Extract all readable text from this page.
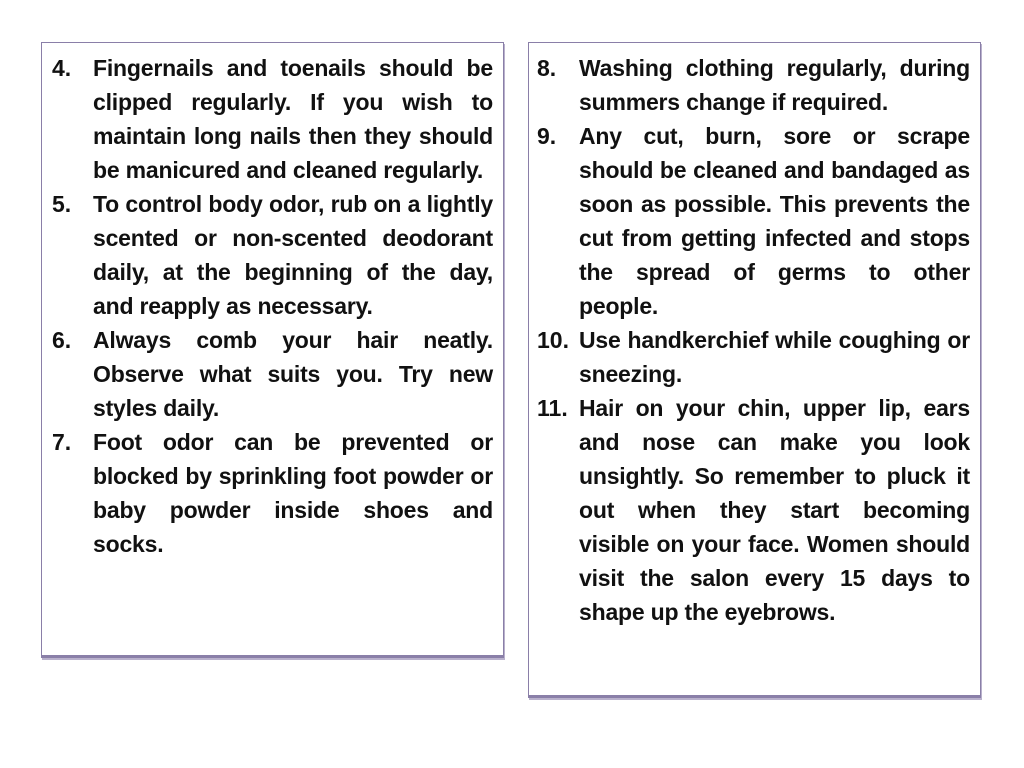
4. Fingernails and toenails should be clipped regularly. If you wish to maintain long nails then they should be manicured and cleaned regularly.
5. To control body odor, rub on a lightly scented or non-scented deodorant daily, at the beginning of the day, and reapply as necessary.
6. Always comb your hair neatly. Observe what suits you. Try new styles daily.
7. Foot odor can be prevented or blocked by sprinkling foot powder or baby powder inside shoes and socks.
8. Washing clothing regularly, during summers change if required.
9. Any cut, burn, sore or scrape should be cleaned and bandaged as soon as possible. This prevents the cut from getting infected and stops the spread of germs to other people.
10. Use handkerchief while coughing or sneezing.
11. Hair on your chin, upper lip, ears and nose can make you look unsightly. So remember to pluck it out when they start becoming visible on your face. Women should visit the salon every 15 days to shape up the eyebrows.
